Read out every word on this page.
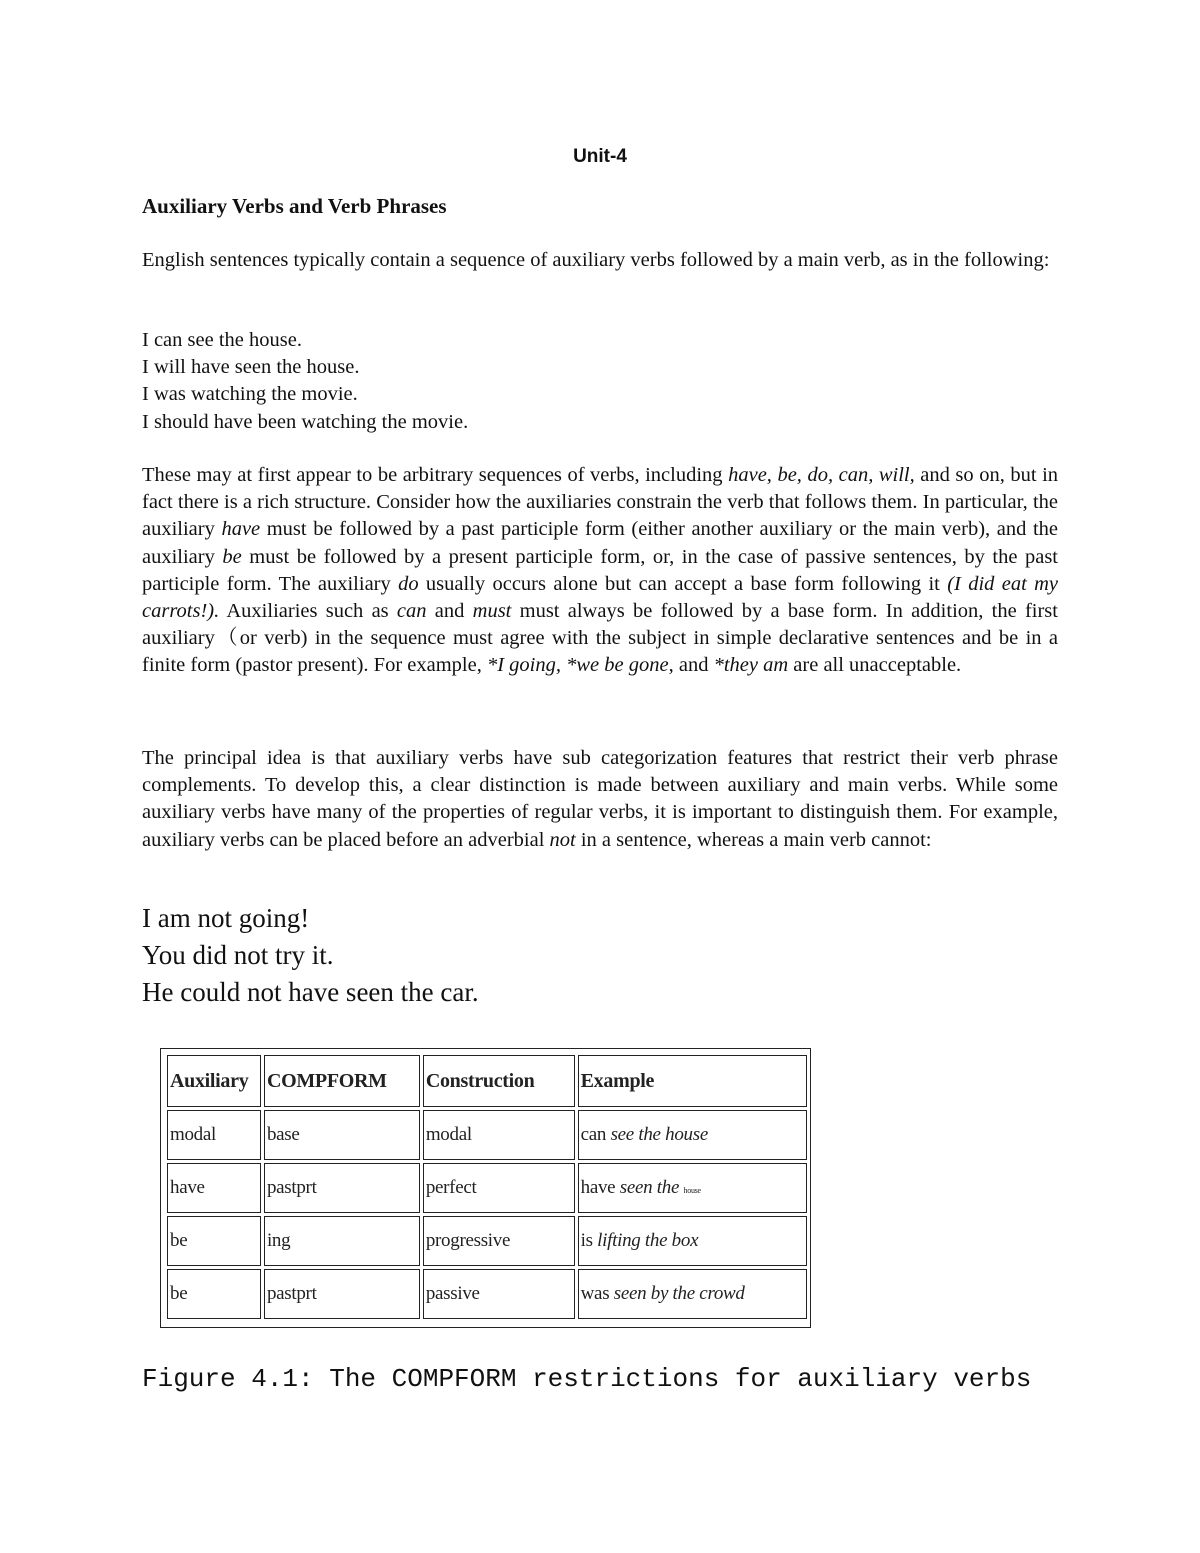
Unit-4
Auxiliary Verbs and Verb Phrases

English sentences typically contain a sequence of auxiliary verbs followed by a main verb, as in the following:

I can see the house.
I will have seen the house.
I was watching the movie.
I should have been watching the movie.

These may at first appear to be arbitrary sequences of verbs, including have, be, do, can, will, and so on, but in fact there is a rich structure. Consider how the auxiliaries constrain the verb that follows them. In particular, the auxiliary have must be followed by a past participle form (either another auxiliary or the main verb), and the auxiliary be must be followed by a present participle form, or, in the case of passive sentences, by the past participle form. The auxiliary do usually occurs alone but can accept a base form following it (I did eat my carrots!). Auxiliaries such as can and must must always be followed by a base form. In addition, the first auxiliary（or verb) in the sequence must agree with the subject in simple declarative sentences and be in a finite form (pastor present). For example, *I going, *we be gone, and *they am are all unacceptable.

The principal idea is that auxiliary verbs have sub categorization features that restrict their verb phrase complements. To develop this, a clear distinction is made between auxiliary and main verbs. While some auxiliary verbs have many of the properties of regular verbs, it is important to distinguish them. For example, auxiliary verbs can be placed before an adverbial not in a sentence, whereas a main verb cannot:

I am not going!
You did not try it.
He could not have seen the car.
Auxiliary	COMPFORM	Construction	Example
modal	base	modal	can see the house
have	pastprt	perfect	have seen the house
be	ing	progressive	is lifting the box
be	pastprt	passive	was seen by the crowd
Figure 4.1: The COMPFORM restrictions for auxiliary verbs
